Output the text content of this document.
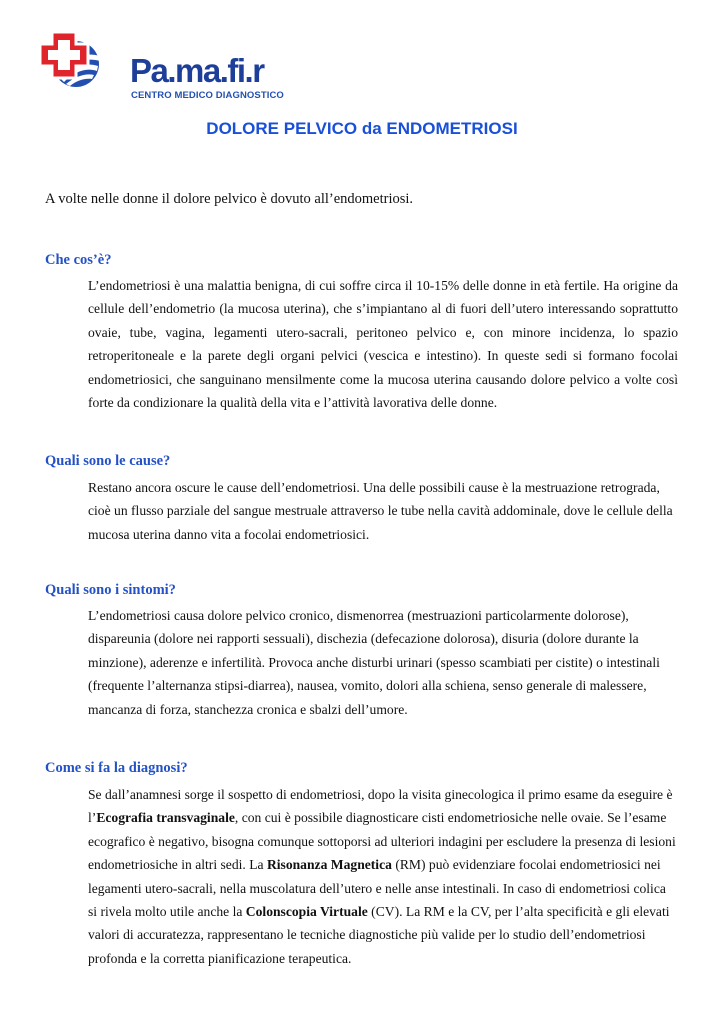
Pa.ma.fi.r
CENTRO MEDICO DIAGNOSTICO
DOLORE PELVICO da ENDOMETRIOSI

A volte nelle donne il dolore pelvico è dovuto all’endometriosi.

Che cos’è?

L’endometriosi è una malattia benigna, di cui soffre circa il 10-15% delle donne in età fertile. Ha origine da cellule dell’endometrio (la mucosa uterina), che s’impiantano al di fuori dell’utero interessando soprattutto ovaie, tube, vagina, legamenti utero-sacrali, peritoneo pelvico e, con minore incidenza, lo spazio retroperitoneale e la parete degli organi pelvici (vescica e intestino). In queste sedi si formano focolai endometriosici, che sanguinano mensilmente come la mucosa uterina causando dolore pelvico a volte così forte da condizionare la qualità della vita e l’attività lavorativa delle donne.

Quali sono le cause?

Restano ancora oscure le cause dell’endometriosi. Una delle possibili cause è la mestruazione retrograda, cioè un flusso parziale del sangue mestruale attraverso le tube nella cavità addominale, dove le cellule della mucosa uterina danno vita a focolai endometriosici.

Quali sono i sintomi?

L’endometriosi causa dolore pelvico cronico, dismenorrea (mestruazioni particolarmente dolorose), dispareunia (dolore nei rapporti sessuali), dischezia (defecazione dolorosa), disuria (dolore durante la minzione), aderenze e infertilità. Provoca anche disturbi urinari (spesso scambiati per cistite) o intestinali (frequente l’alternanza stipsi-diarrea), nausea, vomito, dolori alla schiena, senso generale di malessere, mancanza di forza, stanchezza cronica e sbalzi dell’umore.

Come si fa la diagnosi?

Se dall’anamnesi sorge il sospetto di endometriosi, dopo la visita ginecologica il primo esame da eseguire è l’Ecografia transvaginale, con cui è possibile diagnosticare cisti endometriosiche nelle ovaie. Se l’esame ecografico è negativo, bisogna comunque sottoporsi ad ulteriori indagini per escludere la presenza di lesioni endometriosiche in altri sedi. La Risonanza Magnetica (RM) può evidenziare focolai endometriosici nei legamenti utero-sacrali, nella muscolatura dell’utero e nelle anse intestinali. In caso di endometriosi colica si rivela molto utile anche la Colonscopia Virtuale (CV). La RM e la CV, per l’alta specificità e gli elevati valori di accuratezza, rappresentano le tecniche diagnostiche più valide per lo studio dell’endometriosi profonda e la corretta pianificazione terapeutica.
